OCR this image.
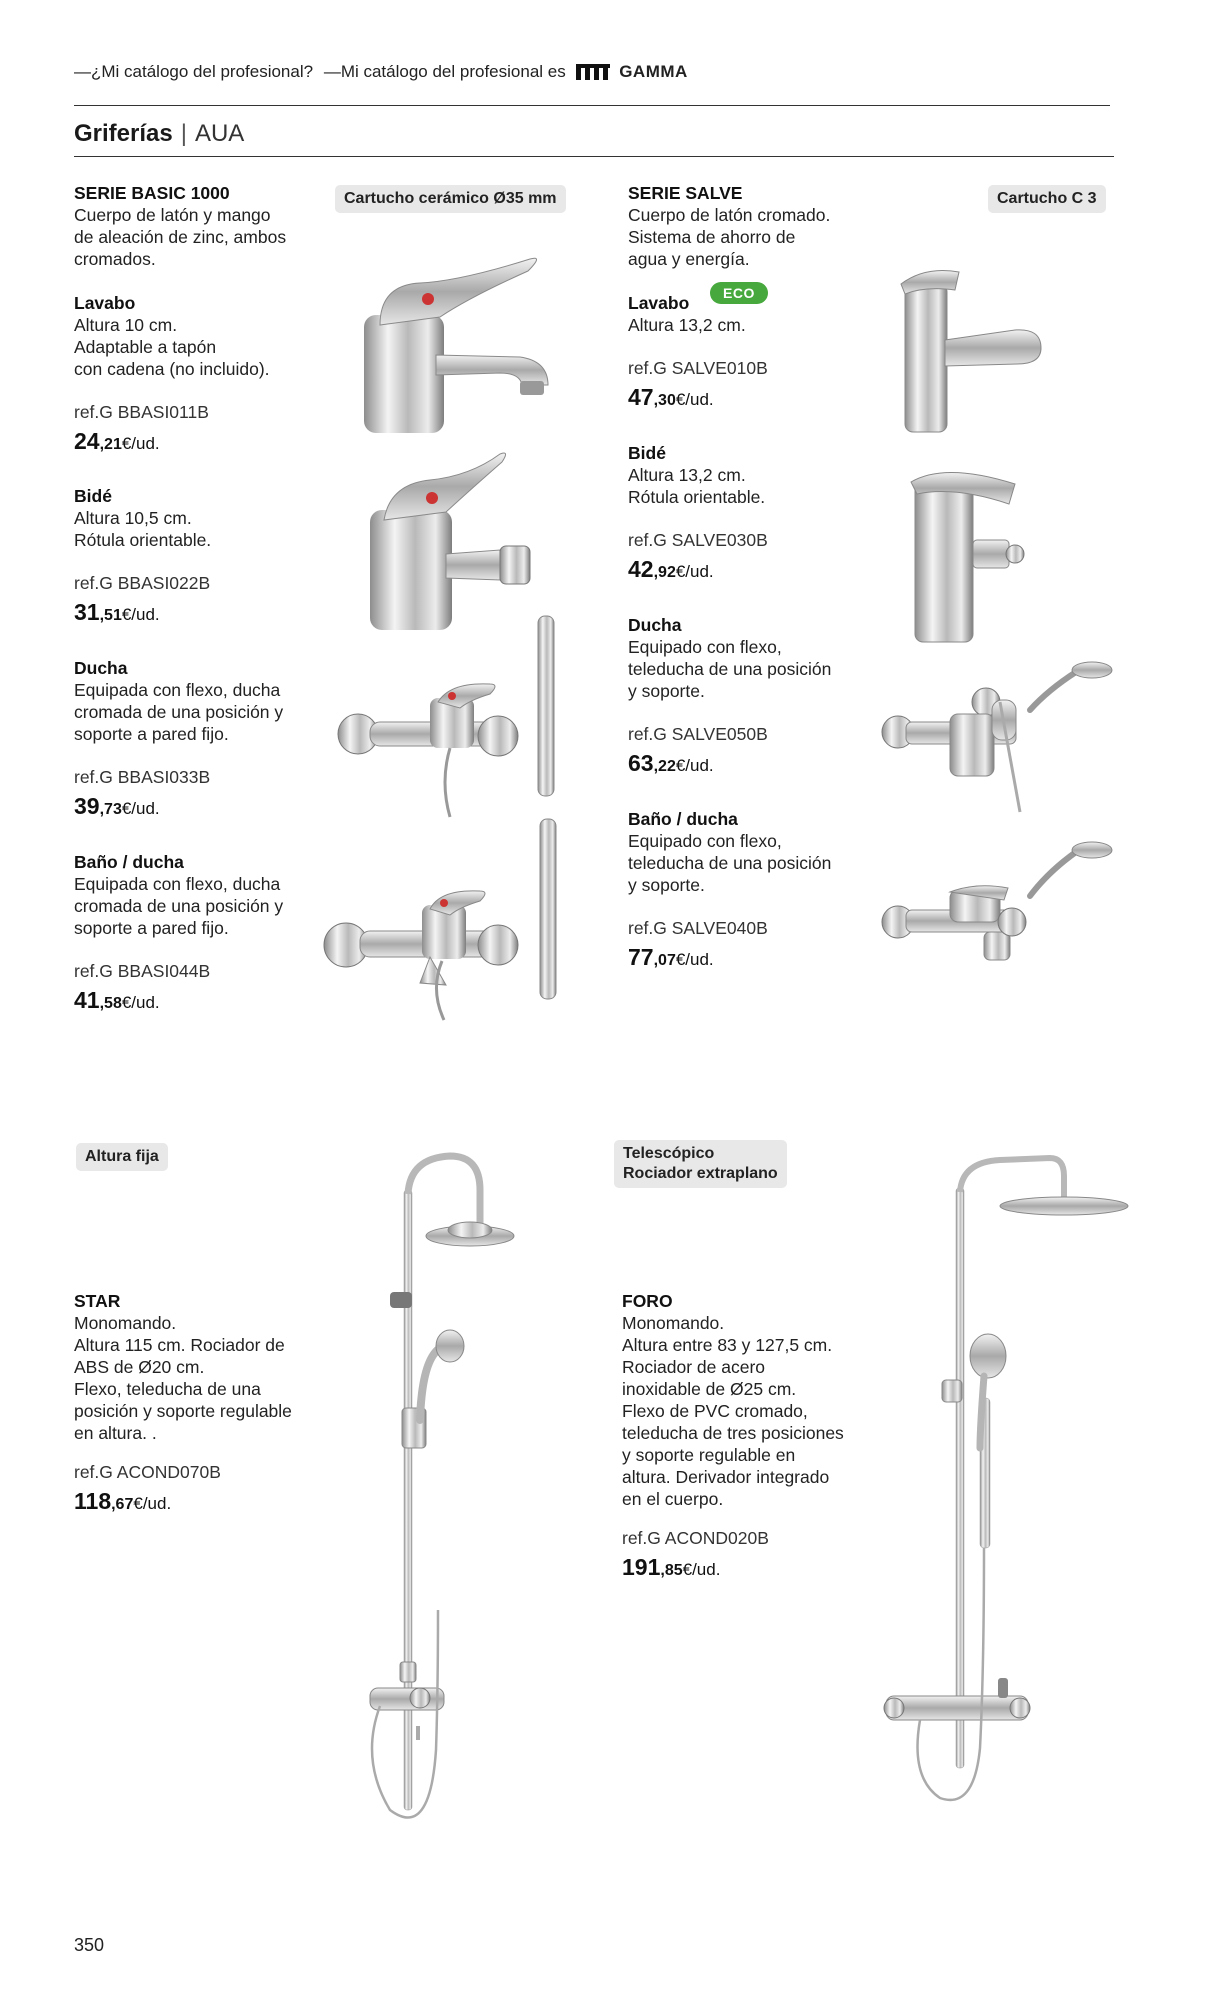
—¿Mi catálogo del profesional? —Mi catálogo del profesional es	GAMMA
Griferías | AUA
SERIE BASIC 1000
Cuerpo de latón y mango
de aleación de zinc, ambos
cromados.
Cartucho cerámico Ø35 mm
Lavabo
Altura 10 cm.
Adaptable a tapón
con cadena (no incluido).
ref.G BBASI011B
24,21€/ud.
Bidé
Altura 10,5 cm.
Rótula orientable.
ref.G BBASI022B
31,51€/ud.
Ducha
Equipada con flexo, ducha
cromada de una posición y
soporte a pared fijo.
ref.G BBASI033B
39,73€/ud.
Baño / ducha
Equipada con flexo, ducha
cromada de una posición y
soporte a pared fijo.
ref.G BBASI044B
41,58€/ud.
SERIE SALVE
Cuerpo de latón cromado.
Sistema de ahorro de
agua y energía.
Cartucho C 3
Lavabo
Altura 13,2 cm.
ECO
ref.G SALVE010B
47,30€/ud.
Bidé
Altura 13,2 cm.
Rótula orientable.
ref.G SALVE030B
42,92€/ud.
Ducha
Equipado con flexo,
teleducha de una posición
y soporte.
ref.G SALVE050B
63,22€/ud.
Baño / ducha
Equipado con flexo,
teleducha de una posición
y soporte.
ref.G SALVE040B
77,07€/ud.
Altura fija
STAR
Monomando.
Altura 115 cm. Rociador de
ABS de Ø20 cm.
Flexo, teleducha de una
posición y soporte regulable
en altura. .
ref.G ACOND070B
118,67€/ud.
Telescópico
Rociador extraplano
FORO
Monomando.
Altura entre 83 y 127,5 cm.
Rociador de acero
inoxidable de Ø25 cm.
Flexo de PVC cromado,
teleducha de tres posiciones
y soporte regulable en
altura. Derivador integrado
en el cuerpo.
ref.G ACOND020B
191,85€/ud.
350
